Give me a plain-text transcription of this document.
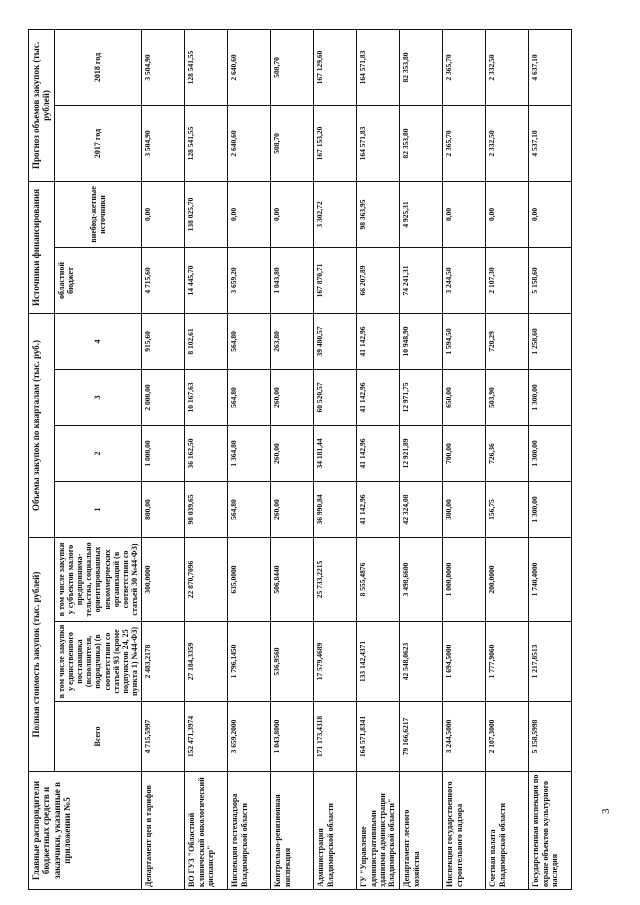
3
Главные распорядители бюджетных средств и заказчики, указанные в приложении №5	Полная стоимость закупок (тыс. рублей)			Объемы закупок по кварталам (тыс. руб.)				Источники финансирования		Прогноз объемов закупок (тыс. рублей)	
	Всего	в том числе закупки у единственного поставщика (исполнителя, подрядчика) (в соответствии со статьей 93 (кроме подпунктов 24, 25 пункта 1) №44-ФЗ)	в том числе закупки у субъектов малого предпринима-тельства, социально ориентированных некоммерческих организаций (в соответствии со статьей 30 №44-ФЗ)	1	2	3	4	областной бюджет	внебюд-жетные источники	2017 год	2018 год

Департамент цен и тарифов	4 715,5997	2 483,2178	300,0000	800,00	1 000,00	2 000,00	915,60	4 715,60	0,00	3 504,90	3 504,90
ВО ГУЗ "Областной клинический онкологический диспансер"	152 471,3974	27 184,3359	22 870,7096	98 039,65	36 162,50	10 167,63	8 102,61	14 445,70	138 025,70	128 541,55	128 541,55
Инспекция гостехнадзора Владимирской области	3 659,2000	1 796,1450	635,0000	564,80	1 364,80	564,80	564,80	3 659,20	0,00	2 640,60	2 640,60
Контрольно-ревизионная инспекция	1 043,8000	536,9560	506,8440	260,00	260,00	260,00	263,80	1 043,80	0,00	508,70	508,70
Администрация Владимирской области	171 173,4318	17 579,4689	25 733,2215	36 990,84	34 181,44	60 520,57	39 480,57	167 870,71	3 302,72	167 153,20	167 129,60
ГУ "Управление административными зданиями администрации Владимирской области"	164 571,8341	133 142,4371	8 555,4876	41 142,96	41 142,96	41 142,96	41 142,96	66 207,89	98 363,95	164 571,83	164 571,83
Департамент лесного хозяйства	79 166,6217	42 548,0623	3 498,6600	42 324,08	12 921,89	12 971,75	10 948,90	74 241,31	4 925,31	82 353,80	82 353,80
Инспекция государственного строительного надзора	3 244,5000	1 694,5000	1 000,0000	300,00	700,00	650,00	1 594,50	3 244,50	0,00	2 365,70	2 365,70
Счетная палата Владимирской области	2 107,3000	1 777,9060	200,0000	156,75	726,36	503,90	720,29	2 107,30	0,00	2 332,50	2 332,50
Государственная инспекция по охране объектов культурного наследия	5 158,5998	1 217,8513	1 740,4000	1 300,00	1 300,00	1 300,00	1 258,60	5 158,60	0,00	4 537,10	4 637,10
